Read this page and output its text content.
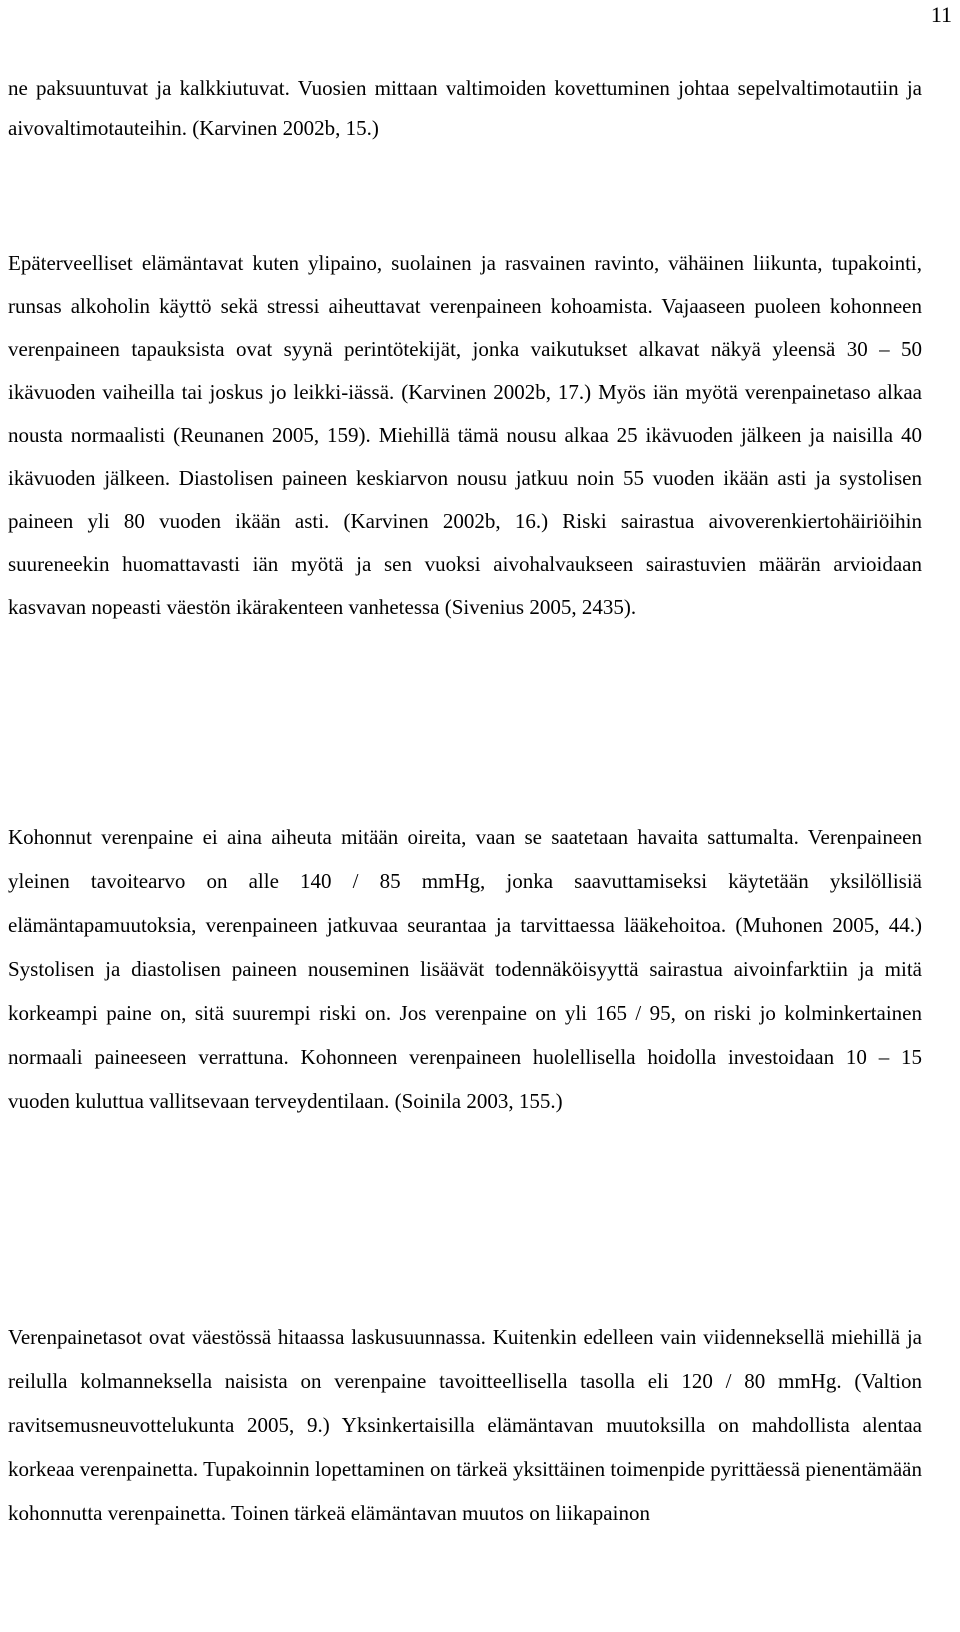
11

ne paksuuntuvat ja kalkkiutuvat. Vuosien mittaan valtimoiden kovettuminen johtaa sepelvaltimotautiin ja aivovaltimotauteihin. (Karvinen 2002b, 15.)

Epäterveelliset elämäntavat kuten ylipaino, suolainen ja rasvainen ravinto, vähäinen liikunta, tupakointi, runsas alkoholin käyttö sekä stressi aiheuttavat verenpaineen kohoamista. Vajaaseen puoleen kohonneen verenpaineen tapauksista ovat syynä perintötekijät, jonka vaikutukset alkavat näkyä yleensä 30 – 50 ikävuoden vaiheilla tai joskus jo leikki-iässä. (Karvinen 2002b, 17.) Myös iän myötä verenpainetaso alkaa nousta normaalisti (Reunanen 2005, 159). Miehillä tämä nousu alkaa 25 ikävuoden jälkeen ja naisilla 40 ikävuoden jälkeen. Diastolisen paineen keskiarvon nousu jatkuu noin 55 vuoden ikään asti ja systolisen paineen yli 80 vuoden ikään asti. (Karvinen 2002b, 16.) Riski sairastua aivoverenkiertohäiriöihin suureneekin huomattavasti iän myötä ja sen vuoksi aivohalvaukseen sairastuvien määrän arvioidaan kasvavan nopeasti väestön ikärakenteen vanhetessa (Sivenius 2005, 2435).

Kohonnut verenpaine ei aina aiheuta mitään oireita, vaan se saatetaan havaita sattumalta. Verenpaineen yleinen tavoitearvo on alle 140 / 85 mmHg, jonka saavuttamiseksi käytetään yksilöllisiä elämäntapamuutoksia, verenpaineen jatkuvaa seurantaa ja tarvittaessa lääkehoitoa. (Muhonen 2005, 44.) Systolisen ja diastolisen paineen nouseminen lisäävät todennäköisyyttä sairastua aivoinfarktiin ja mitä korkeampi paine on, sitä suurempi riski on. Jos verenpaine on yli 165 / 95, on riski jo kolminkertainen normaali paineeseen verrattuna. Kohonneen verenpaineen huolellisella hoidolla investoidaan 10 – 15 vuoden kuluttua vallitsevaan terveydentilaan. (Soinila 2003, 155.)

Verenpainetasot ovat väestössä hitaassa laskusuunnassa. Kuitenkin edelleen vain viidenneksellä miehillä ja reilulla kolmanneksella naisista on verenpaine tavoitteellisella tasolla eli 120 / 80 mmHg. (Valtion ravitsemusneuvottelukunta 2005, 9.) Yksinkertaisilla elämäntavan muutoksilla on mahdollista alentaa korkeaa verenpainetta. Tupakoinnin lopettaminen on tärkeä yksittäinen toimenpide pyrittäessä pienentämään kohonnutta verenpainetta. Toinen tärkeä elämäntavan muutos on liikapainon
